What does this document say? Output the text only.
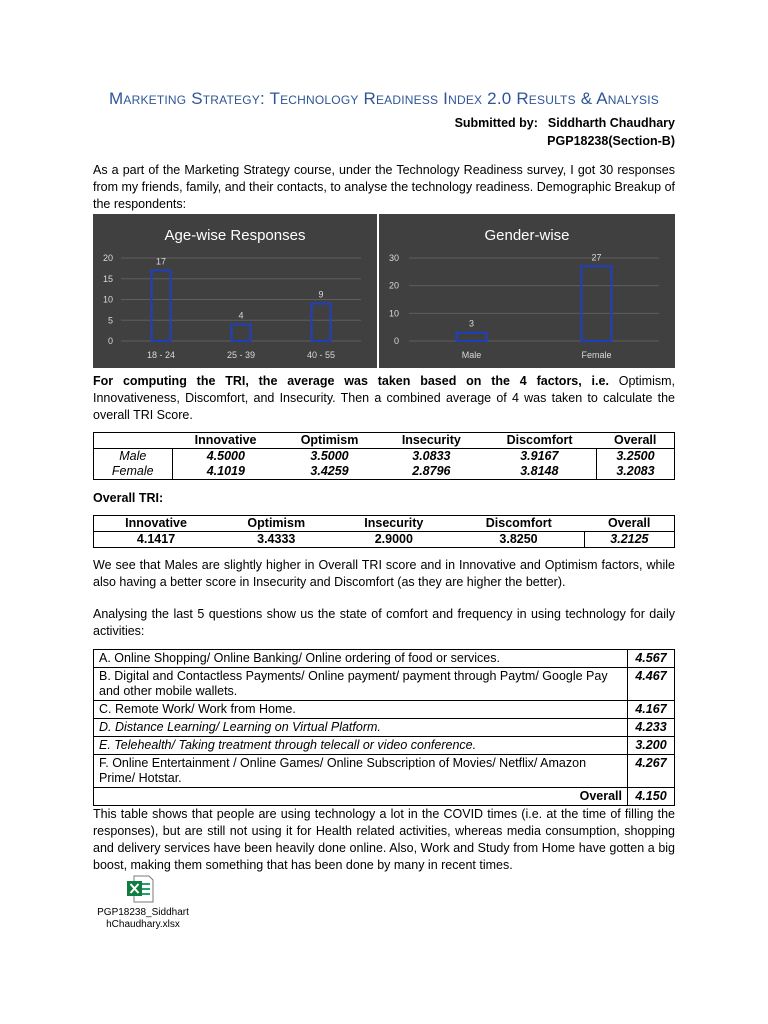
Marketing Strategy: Technology Readiness Index 2.0 Results & Analysis
Submitted by: Siddharth Chaudhary
PGP18238(Section-B)
As a part of the Marketing Strategy course, under the Technology Readiness survey, I got 30 responses from my friends, family, and their contacts, to analyse the technology readiness. Demographic Breakup of the respondents:
Age-wise Responses
0
5
10
15
20	17
18 - 24
4
25 - 39
9
40 - 55
Gender-wise
0
10
20
30
3
Male
27
Female
For computing the TRI, the average was taken based on the 4 factors, i.e. Optimism, Innovativeness, Discomfort, and Insecurity. Then a combined average of 4 was taken to calculate the overall TRI Score.
	Innovative	Optimism	Insecurity	Discomfort	Overall
Male	4.5000	3.5000	3.0833	3.9167	3.2500
Female	4.1019	3.4259	2.8796	3.8148	3.2083
Overall TRI:
Innovative	Optimism	Insecurity	Discomfort	Overall
4.1417	3.4333	2.9000	3.8250	3.2125
We see that Males are slightly higher in Overall TRI score and in Innovative and Optimism factors, while also having a better score in Insecurity and Discomfort (as they are higher the better).
Analysing the last 5 questions show us the state of comfort and frequency in using technology for daily activities:
A. Online Shopping/ Online Banking/ Online ordering of food or services.	4.567
B. Digital and Contactless Payments/ Online payment/ payment through Paytm/ Google Pay and other mobile wallets.	4.467
C. Remote Work/ Work from Home.	4.167
D. Distance Learning/ Learning on Virtual Platform.	4.233
E. Telehealth/ Taking treatment through telecall or video conference.	3.200
F. Online Entertainment / Online Games/ Online Subscription of Movies/ Netflix/ Amazon Prime/ Hotstar.	4.267
Overall	4.150
This table shows that people are using technology a lot in the COVID times (i.e. at the time of filling the responses), but are still not using it for Health related activities, whereas media consumption, shopping and delivery services have been heavily done online. Also, Work and Study from Home have gotten a big boost, making them something that has been done by many in recent times.
PGP18238_Siddhart
hChaudhary.xlsx
